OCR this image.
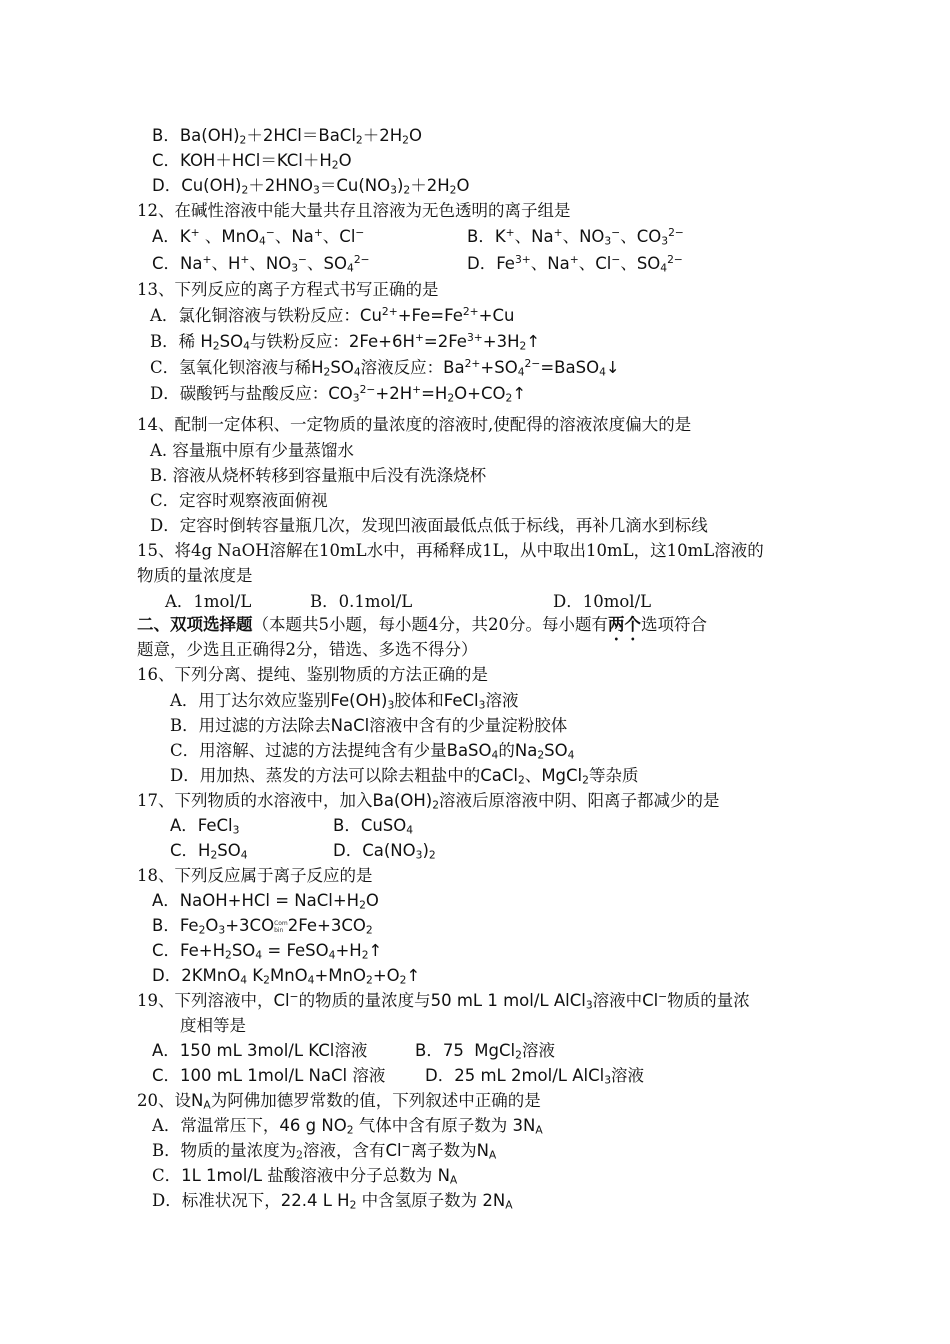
B．$Ba(OH)_2+2HCl=BaCl_2+2H_2O$
C．$KOH+HCl=KCl+H_2O$
D．$Cu(OH)_2+2HNO_3=Cu(NO_3)_2+2H_2O$
12、在碱性溶液中能大量共存且溶液为无色透明的离子组是
A．K+ 、MnO$_4$−、Na+、Cl−	B．K+、Na+、$NO_3^-$、$CO_3^{2-}$
C．Na+、H+、$NO_3^-$、$SO_4^{2-}$	D．$Fe^{3+}$、Na+、Cl−、$SO_4^{2-}$
13、下列反应的离子方程式书写正确的是
A．氯化铜溶液与铁粉反应：$Cu^{2+}+Fe=Fe^{2+}+Cu$
B．稀 $H_2SO_4$与铁粉反应：$2Fe+6H^+=2Fe^{3+}+3H_2↑$
C．氢氧化钡溶液与稀$H_2SO_4$溶液反应：$Ba^{2+}+SO_4^{2-}=BaSO_4↓$
D．碳酸钙与盐酸反应：$CO_3^{2-}+2H^+=H_2O+CO_2↑$
14、配制一定体积、一定物质的量浓度的溶液时,使配得的溶液浓度偏大的是
A. 容量瓶中原有少量蒸馏水
B. 溶液从烧杯转移到容量瓶中后没有洗涤烧杯
C．定容时观察液面俯视
D．定容时倒转容量瓶几次，发现凹液面最低点低于标线，再补几滴水到标线
15、将4g NaOH溶解在10mL水中，再稀释成1L，从中取出10mL，这10mL溶液的
物质的量浓度是
A．1mol/L	B．0.1mol/L	D．10mol/L
二、双项选择题（本题共5小题，每小题4分，共20分。每小题有两个选项符合
题意，少选且正确得2分，错选、多选不得分）
16、下列分离、提纯、鉴别物质的方法正确的是
A．用丁达尔效应鉴别$Fe(OH)_3$胶体和FeCl$_3$溶液
B．用过滤的方法除去NaCl溶液中含有的少量淀粉胶体
C．用溶解、过滤的方法提纯含有少量BaSO$_4$的$Na_2SO_4$
D．用加热、蒸发的方法可以除去粗盐中的CaCl$_2$、MgCl$_2$等杂质
17、下列物质的水溶液中，加入$Ba(OH)_2$溶液后原溶液中阴、阳离子都减少的是
A．FeCl$_3$	B．CuSO$_4$
C．$H_2SO_4$	D．$Ca(NO_3)_2$
18、下列反应属于离子反应的是
A．NaOH+HCl = $NaCl+H_2O$
B．$Fe_2O_3+3COCom$
bin $2Fe+3CO_2$
C．$Fe+H_2SO_4$ = $FeSO_4+H_2↑$
D．2KMnO$_4$ $K_2MnO_4+MnO_2+O_2↑$
19、下列溶液中，Cl−的物质的量浓度与50 mL 1 mol/L AlCl$_3$溶液中Cl−物质的量浓
度相等是
A．150 mL 3mol/L KCl溶液	B．75  MgCl$_2$溶液
C．100 mL 1mol/L NaCl 溶液 D．25 mL 2mol/L AlCl$_3$溶液
20、设$N_A$为阿佛加德罗常数的值，下列叙述中正确的是
A．常温常压下，46 g $NO_2$ 气体中含有原子数为 $3N_A$
B．物质的量浓度为$_2$溶液，含有Cl−离子数为$N_A$
C．1L 1mol/L 盐酸溶液中分子总数为 $N_A$
D．标准状况下，22.4 L $H_2$ 中含氢原子数为 $2N_A$
